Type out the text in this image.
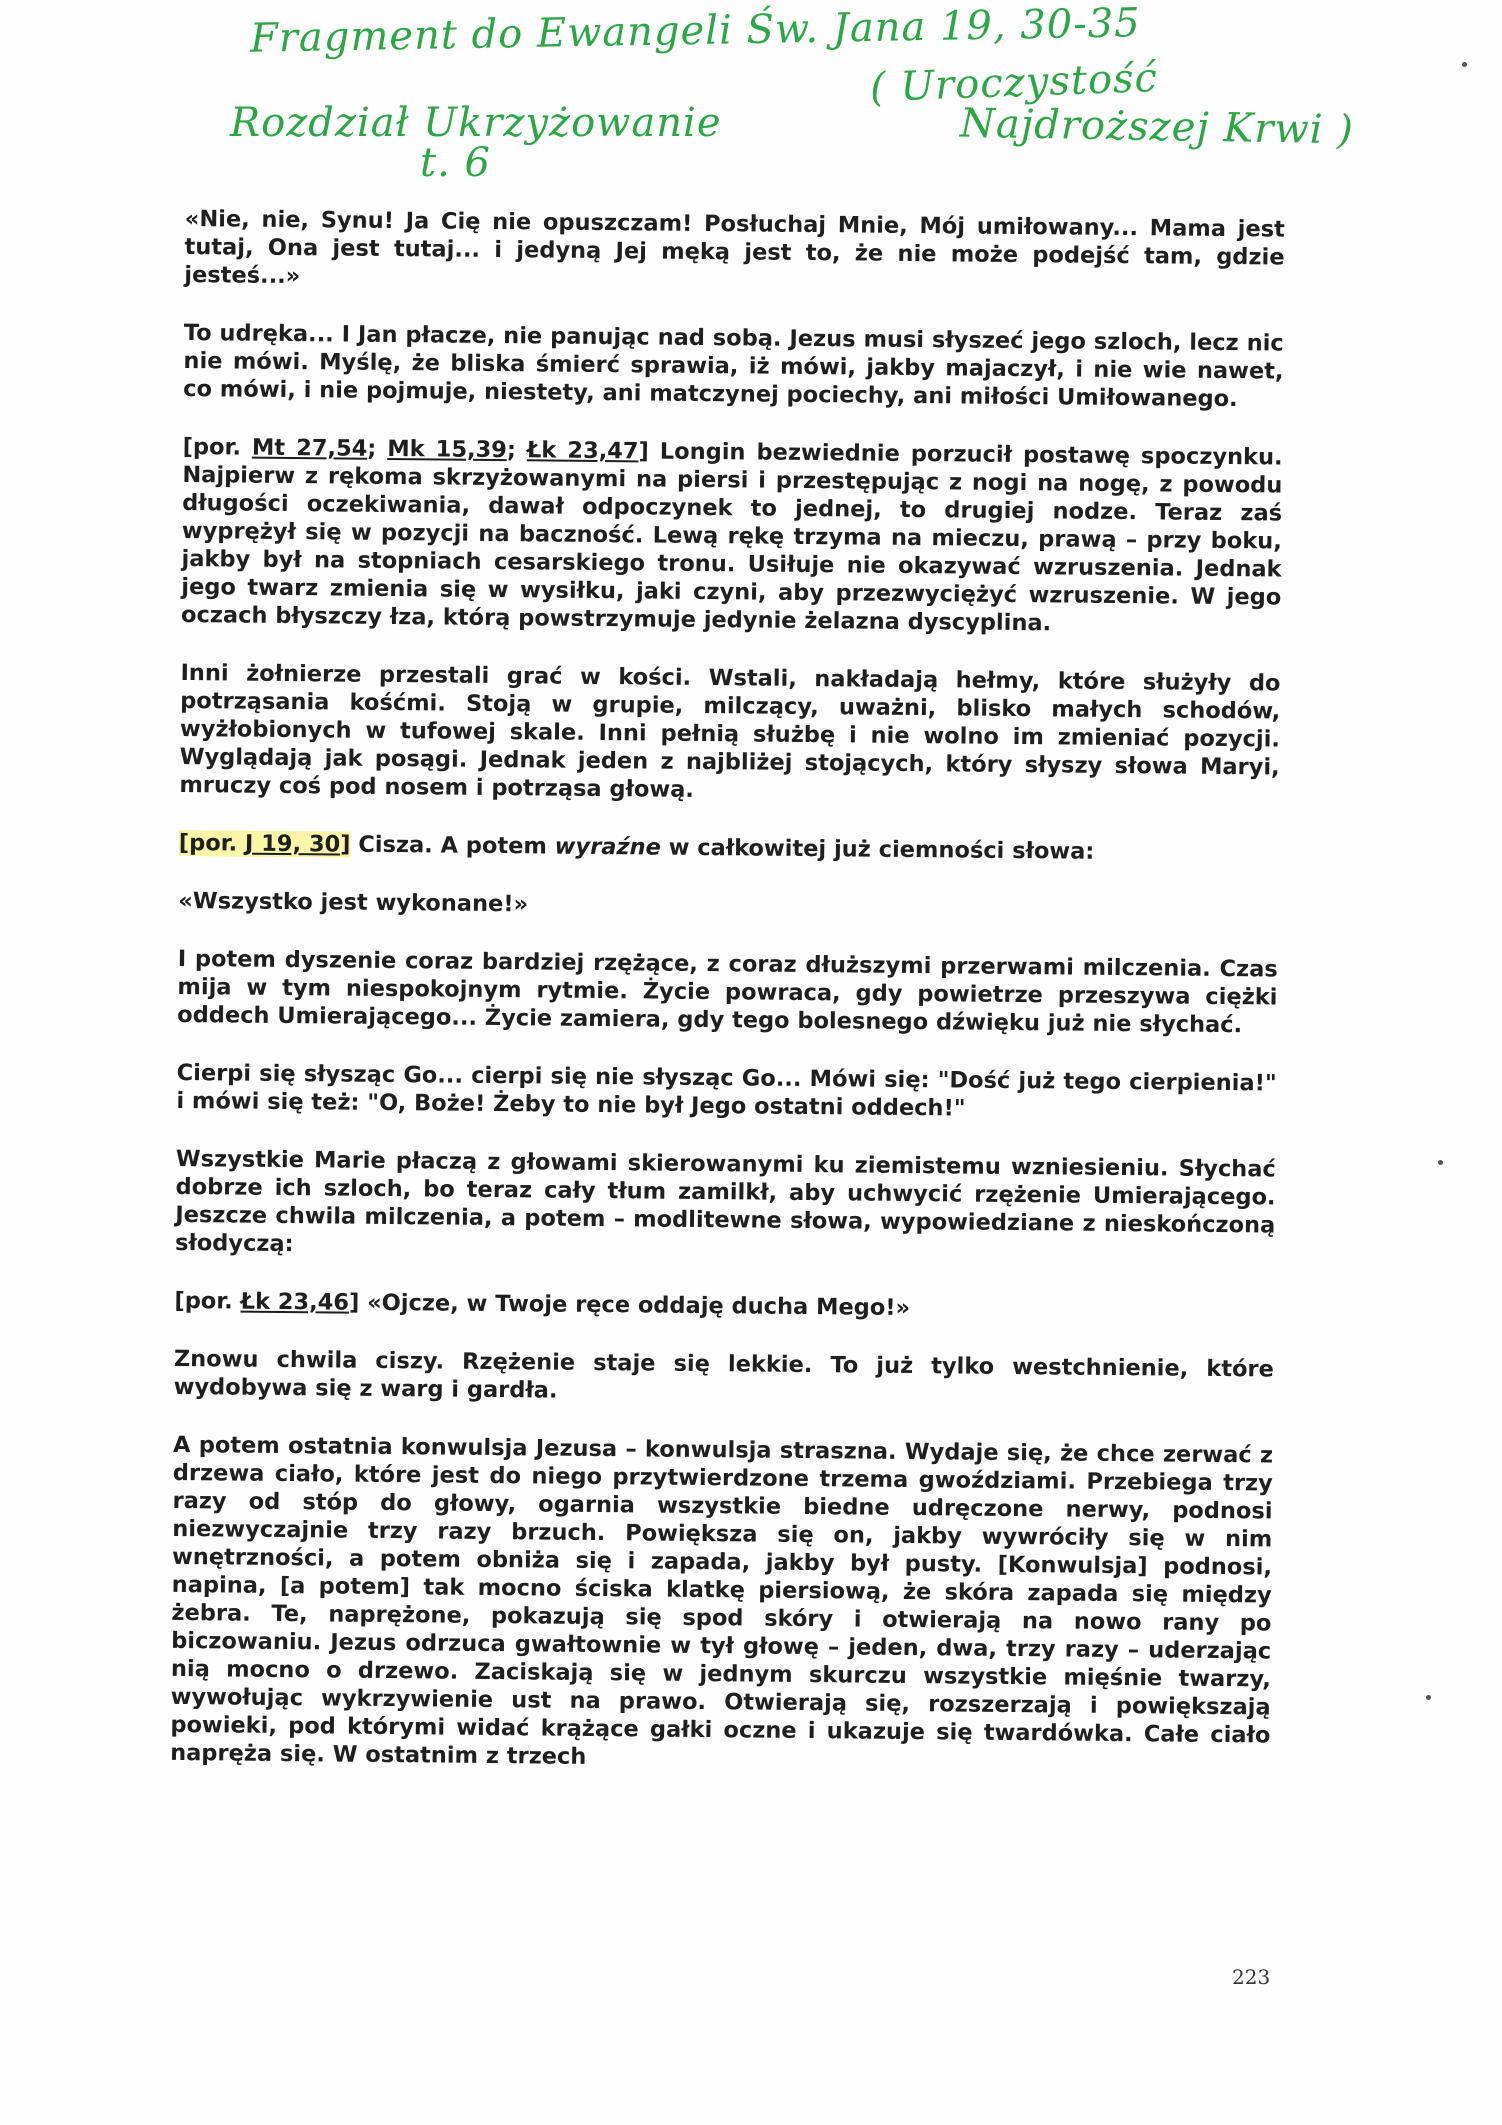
Fragment do Ewangeli Św. Jana 19, 30-35
Rozdział Ukrzyżowanie
( Uroczystość
Najdroższej Krwi )
t. 6

«Nie, nie, Synu! Ja Cię nie opuszczam! Posłuchaj Mnie, Mój umiłowany... Mama jest tutaj, Ona jest tutaj... i jedyną Jej męką jest to, że nie może podejść tam, gdzie jesteś...»

To udręka... I Jan płacze, nie panując nad sobą. Jezus musi słyszeć jego szloch, lecz nic nie mówi. Myślę, że bliska śmierć sprawia, iż mówi, jakby majaczył, i nie wie nawet, co mówi, i nie pojmuje, niestety, ani matczynej pociechy, ani miłości Umiłowanego.

[por. Mt 27,54; Mk 15,39; Łk 23,47] Longin bezwiednie porzucił postawę spoczynku. Najpierw z rękoma skrzyżowanymi na piersi i przestępując z nogi na nogę, z powodu długości oczekiwania, dawał odpoczynek to jednej, to drugiej nodze. Teraz zaś wyprężył się w pozycji na baczność. Lewą rękę trzyma na mieczu, prawą – przy boku, jakby był na stopniach cesarskiego tronu. Usiłuje nie okazywać wzruszenia. Jednak jego twarz zmienia się w wysiłku, jaki czyni, aby przezwyciężyć wzruszenie. W jego oczach błyszczy łza, którą powstrzymuje jedynie żelazna dyscyplina.

Inni żołnierze przestali grać w kości. Wstali, nakładają hełmy, które służyły do potrząsania kośćmi. Stoją w grupie, milczący, uważni, blisko małych schodów, wyżłobionych w tufowej skale. Inni pełnią służbę i nie wolno im zmieniać pozycji. Wyglądają jak posągi. Jednak jeden z najbliżej stojących, który słyszy słowa Maryi, mruczy coś pod nosem i potrząsa głową.

[por. J 19, 30] Cisza. A potem wyraźne w całkowitej już ciemności słowa:

«Wszystko jest wykonane!»

I potem dyszenie coraz bardziej rzężące, z coraz dłuższymi przerwami milczenia. Czas mija w tym niespokojnym rytmie. Życie powraca, gdy powietrze przeszywa ciężki oddech Umierającego... Życie zamiera, gdy tego bolesnego dźwięku już nie słychać.

Cierpi się słysząc Go... cierpi się nie słysząc Go... Mówi się: "Dość już tego cierpienia!" i mówi się też: "O, Boże! Żeby to nie był Jego ostatni oddech!"

Wszystkie Marie płaczą z głowami skierowanymi ku ziemistemu wzniesieniu. Słychać dobrze ich szloch, bo teraz cały tłum zamilkł, aby uchwycić rzężenie Umierającego. Jeszcze chwila milczenia, a potem – modlitewne słowa, wypowiedziane z nieskończoną słodyczą:

[por. Łk 23,46] «Ojcze, w Twoje ręce oddaję ducha Mego!»

Znowu chwila ciszy. Rzężenie staje się lekkie. To już tylko westchnienie, które wydobywa się z warg i gardła.

A potem ostatnia konwulsja Jezusa – konwulsja straszna. Wydaje się, że chce zerwać z drzewa ciało, które jest do niego przytwierdzone trzema gwoździami. Przebiega trzy razy od stóp do głowy, ogarnia wszystkie biedne udręczone nerwy, podnosi niezwyczajnie trzy razy brzuch. Powiększa się on, jakby wywróciły się w nim wnętrzności, a potem obniża się i zapada, jakby był pusty. [Konwulsja] podnosi, napina, [a potem] tak mocno ściska klatkę piersiową, że skóra zapada się między żebra. Te, naprężone, pokazują się spod skóry i otwierają na nowo rany po biczowaniu. Jezus odrzuca gwałtownie w tył głowę – jeden, dwa, trzy razy – uderzając nią mocno o drzewo. Zaciskają się w jednym skurczu wszystkie mięśnie twarzy, wywołując wykrzywienie ust na prawo. Otwierają się, rozszerzają i powiększają powieki, pod którymi widać krążące gałki oczne i ukazuje się twardówka. Całe ciało napręża się. W ostatnim z trzech

223
